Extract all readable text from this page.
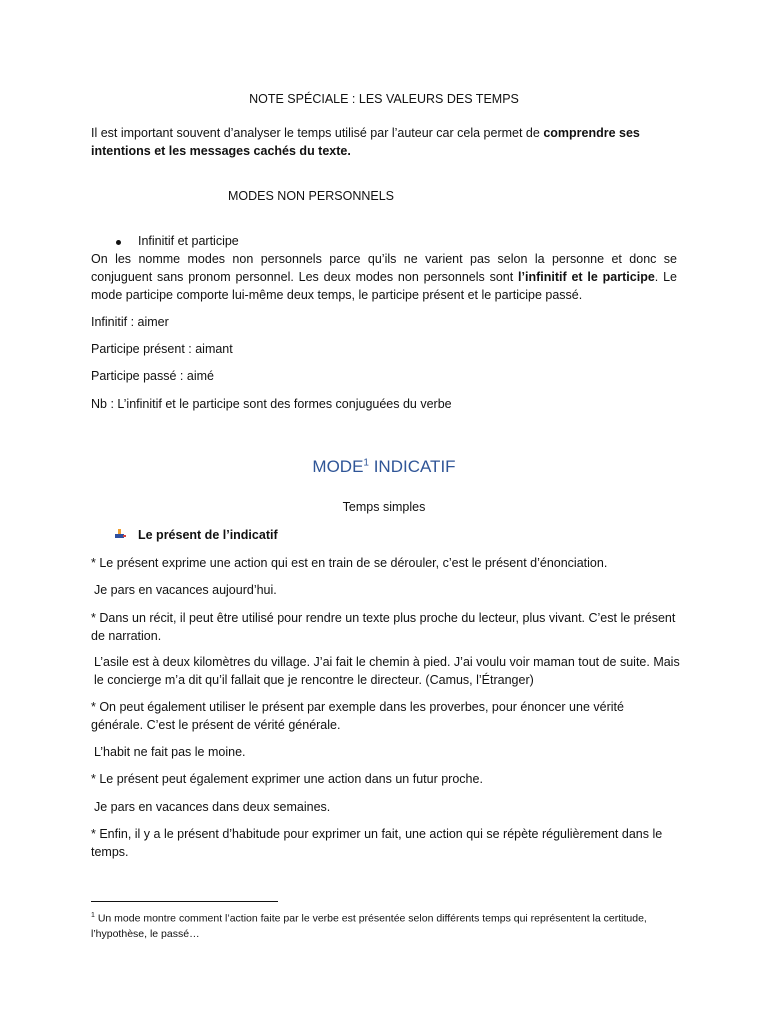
NOTE SPÉCIALE : LES VALEURS DES TEMPS

Il est important souvent d’analyser le temps utilisé par l’auteur car cela permet de comprendre ses intentions et les messages cachés du texte.

MODES NON PERSONNELS

Infinitif et participe

On les nomme modes non personnels parce qu’ils ne varient pas selon la personne et donc se conjuguent sans pronom personnel. Les deux modes non personnels sont l’infinitif et le participe. Le mode participe comporte lui-même deux temps, le participe présent et le participe passé.

Infinitif : aimer

Participe présent : aimant

Participe passé : aimé

Nb : L’infinitif et le participe sont des formes conjuguées du verbe

MODE$^1$ INDICATIF

Temps simples

Le présent de l’indicatif

* Le présent exprime une action qui est en train de se dérouler, c’est le présent d’énonciation.

Je pars en vacances aujourd’hui.

* Dans un récit, il peut être utilisé pour rendre un texte plus proche du lecteur, plus vivant. C’est le présent de narration.

L’asile est à deux kilomètres du village. J’ai fait le chemin à pied. J’ai voulu voir maman tout de suite. Mais le concierge m’a dit qu’il fallait que je rencontre le directeur. (Camus, l’Étranger)

* On peut également utiliser le présent par exemple dans les proverbes, pour énoncer une vérité générale. C’est le présent de vérité générale.

L’habit ne fait pas le moine.

* Le présent peut également exprimer une action dans un futur proche.

Je pars en vacances dans deux semaines.

* Enfin, il y a le présent d’habitude pour exprimer un fait, une action qui se répète régulièrement dans le temps.

$^1$ Un mode montre comment l’action faite par le verbe est présentée selon différents temps qui représentent la certitude, l’hypothèse, le passé…
